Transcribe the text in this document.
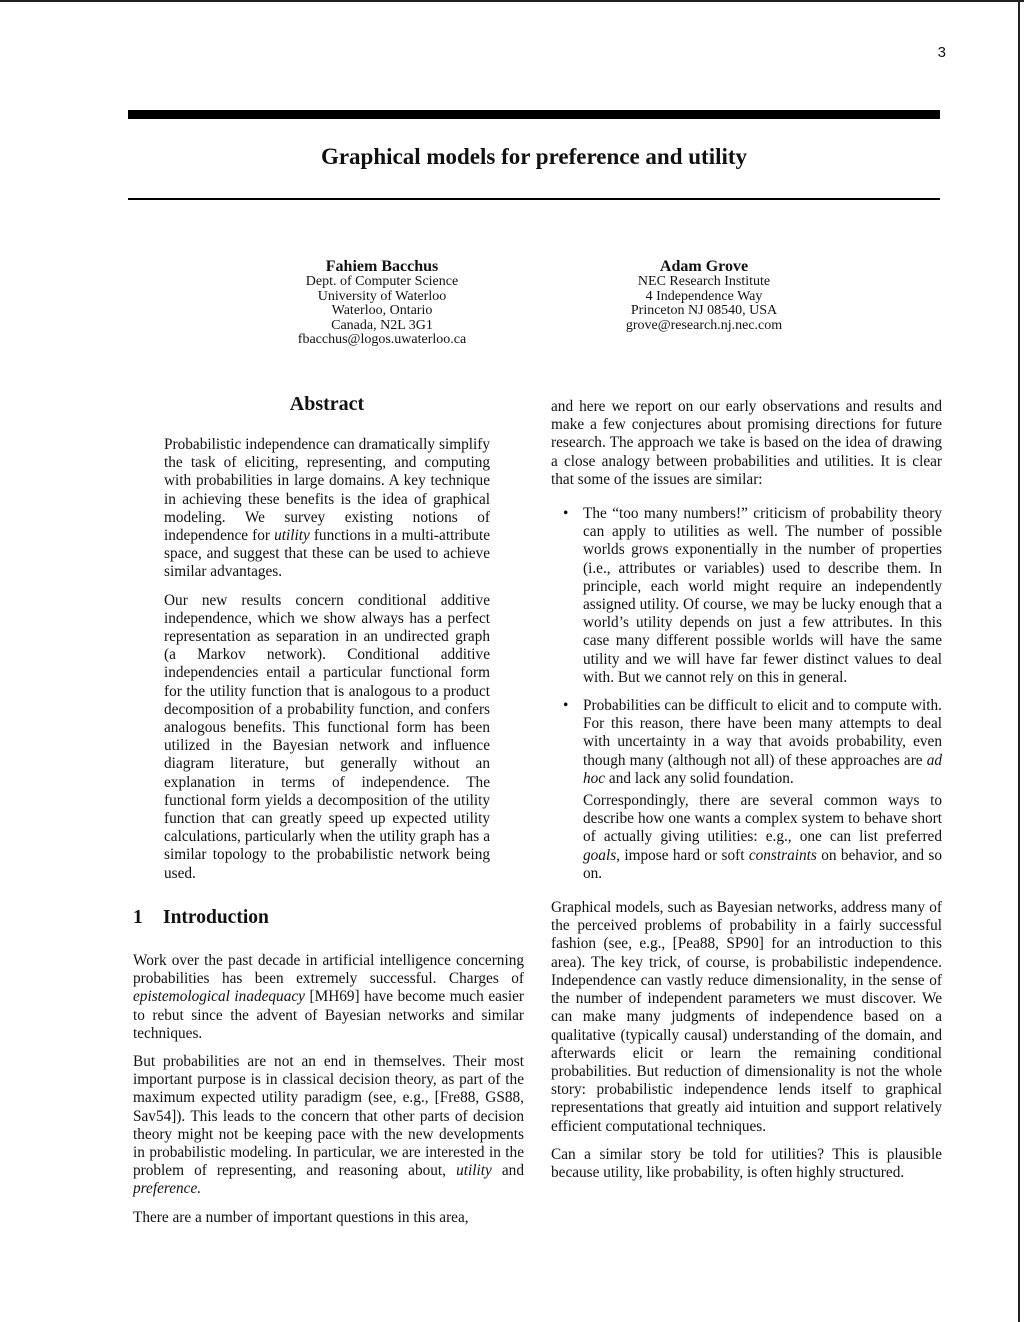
3
Graphical models for preference and utility
Fahiem Bacchus
Dept. of Computer Science
University of Waterloo
Waterloo, Ontario
Canada, N2L 3G1
fbacchus@logos.uwaterloo.ca
Adam Grove
NEC Research Institute
4 Independence Way
Princeton NJ 08540, USA
grove@research.nj.nec.com
Abstract

Probabilistic independence can dramatically simplify the task of eliciting, representing, and computing with probabilities in large domains. A key technique in achieving these benefits is the idea of graphical modeling. We survey existing notions of independence for utility functions in a multi-attribute space, and suggest that these can be used to achieve similar advantages.

Our new results concern conditional additive independence, which we show always has a perfect representation as separation in an undirected graph (a Markov network). Conditional additive independencies entail a particular functional form for the utility function that is analogous to a product decomposition of a probability function, and confers analogous benefits. This functional form has been utilized in the Bayesian network and influence diagram literature, but generally without an explanation in terms of independence. The functional form yields a decomposition of the utility function that can greatly speed up expected utility calculations, particularly when the utility graph has a similar topology to the probabilistic network being used.

1 Introduction

Work over the past decade in artificial intelligence concerning probabilities has been extremely successful. Charges of epistemological inadequacy [MH69] have become much easier to rebut since the advent of Bayesian networks and similar techniques.

But probabilities are not an end in themselves. Their most important purpose is in classical decision theory, as part of the maximum expected utility paradigm (see, e.g., [Fre88, GS88, Sav54]). This leads to the concern that other parts of decision theory might not be keeping pace with the new developments in probabilistic modeling. In particular, we are interested in the problem of representing, and reasoning about, utility and preference.

There are a number of important questions in this area,

and here we report on our early observations and results and make a few conjectures about promising directions for future research. The approach we take is based on the idea of drawing a close analogy between probabilities and utilities. It is clear that some of the issues are similar:

• The “too many numbers!” criticism of probability theory can apply to utilities as well. The number of possible worlds grows exponentially in the number of properties (i.e., attributes or variables) used to describe them. In principle, each world might require an independently assigned utility. Of course, we may be lucky enough that a world’s utility depends on just a few attributes. In this case many different possible worlds will have the same utility and we will have far fewer distinct values to deal with. But we cannot rely on this in general.

• Probabilities can be difficult to elicit and to compute with. For this reason, there have been many attempts to deal with uncertainty in a way that avoids probability, even though many (although not all) of these approaches are ad hoc and lack any solid foundation.

Correspondingly, there are several common ways to describe how one wants a complex system to behave short of actually giving utilities: e.g., one can list preferred goals, impose hard or soft constraints on behavior, and so on.

Graphical models, such as Bayesian networks, address many of the perceived problems of probability in a fairly successful fashion (see, e.g., [Pea88, SP90] for an introduction to this area). The key trick, of course, is probabilistic independence. Independence can vastly reduce dimensionality, in the sense of the number of independent parameters we must discover. We can make many judgments of independence based on a qualitative (typically causal) understanding of the domain, and afterwards elicit or learn the remaining conditional probabilities. But reduction of dimensionality is not the whole story: probabilistic independence lends itself to graphical representations that greatly aid intuition and support relatively efficient computational techniques.

Can a similar story be told for utilities? This is plausible because utility, like probability, is often highly structured.
